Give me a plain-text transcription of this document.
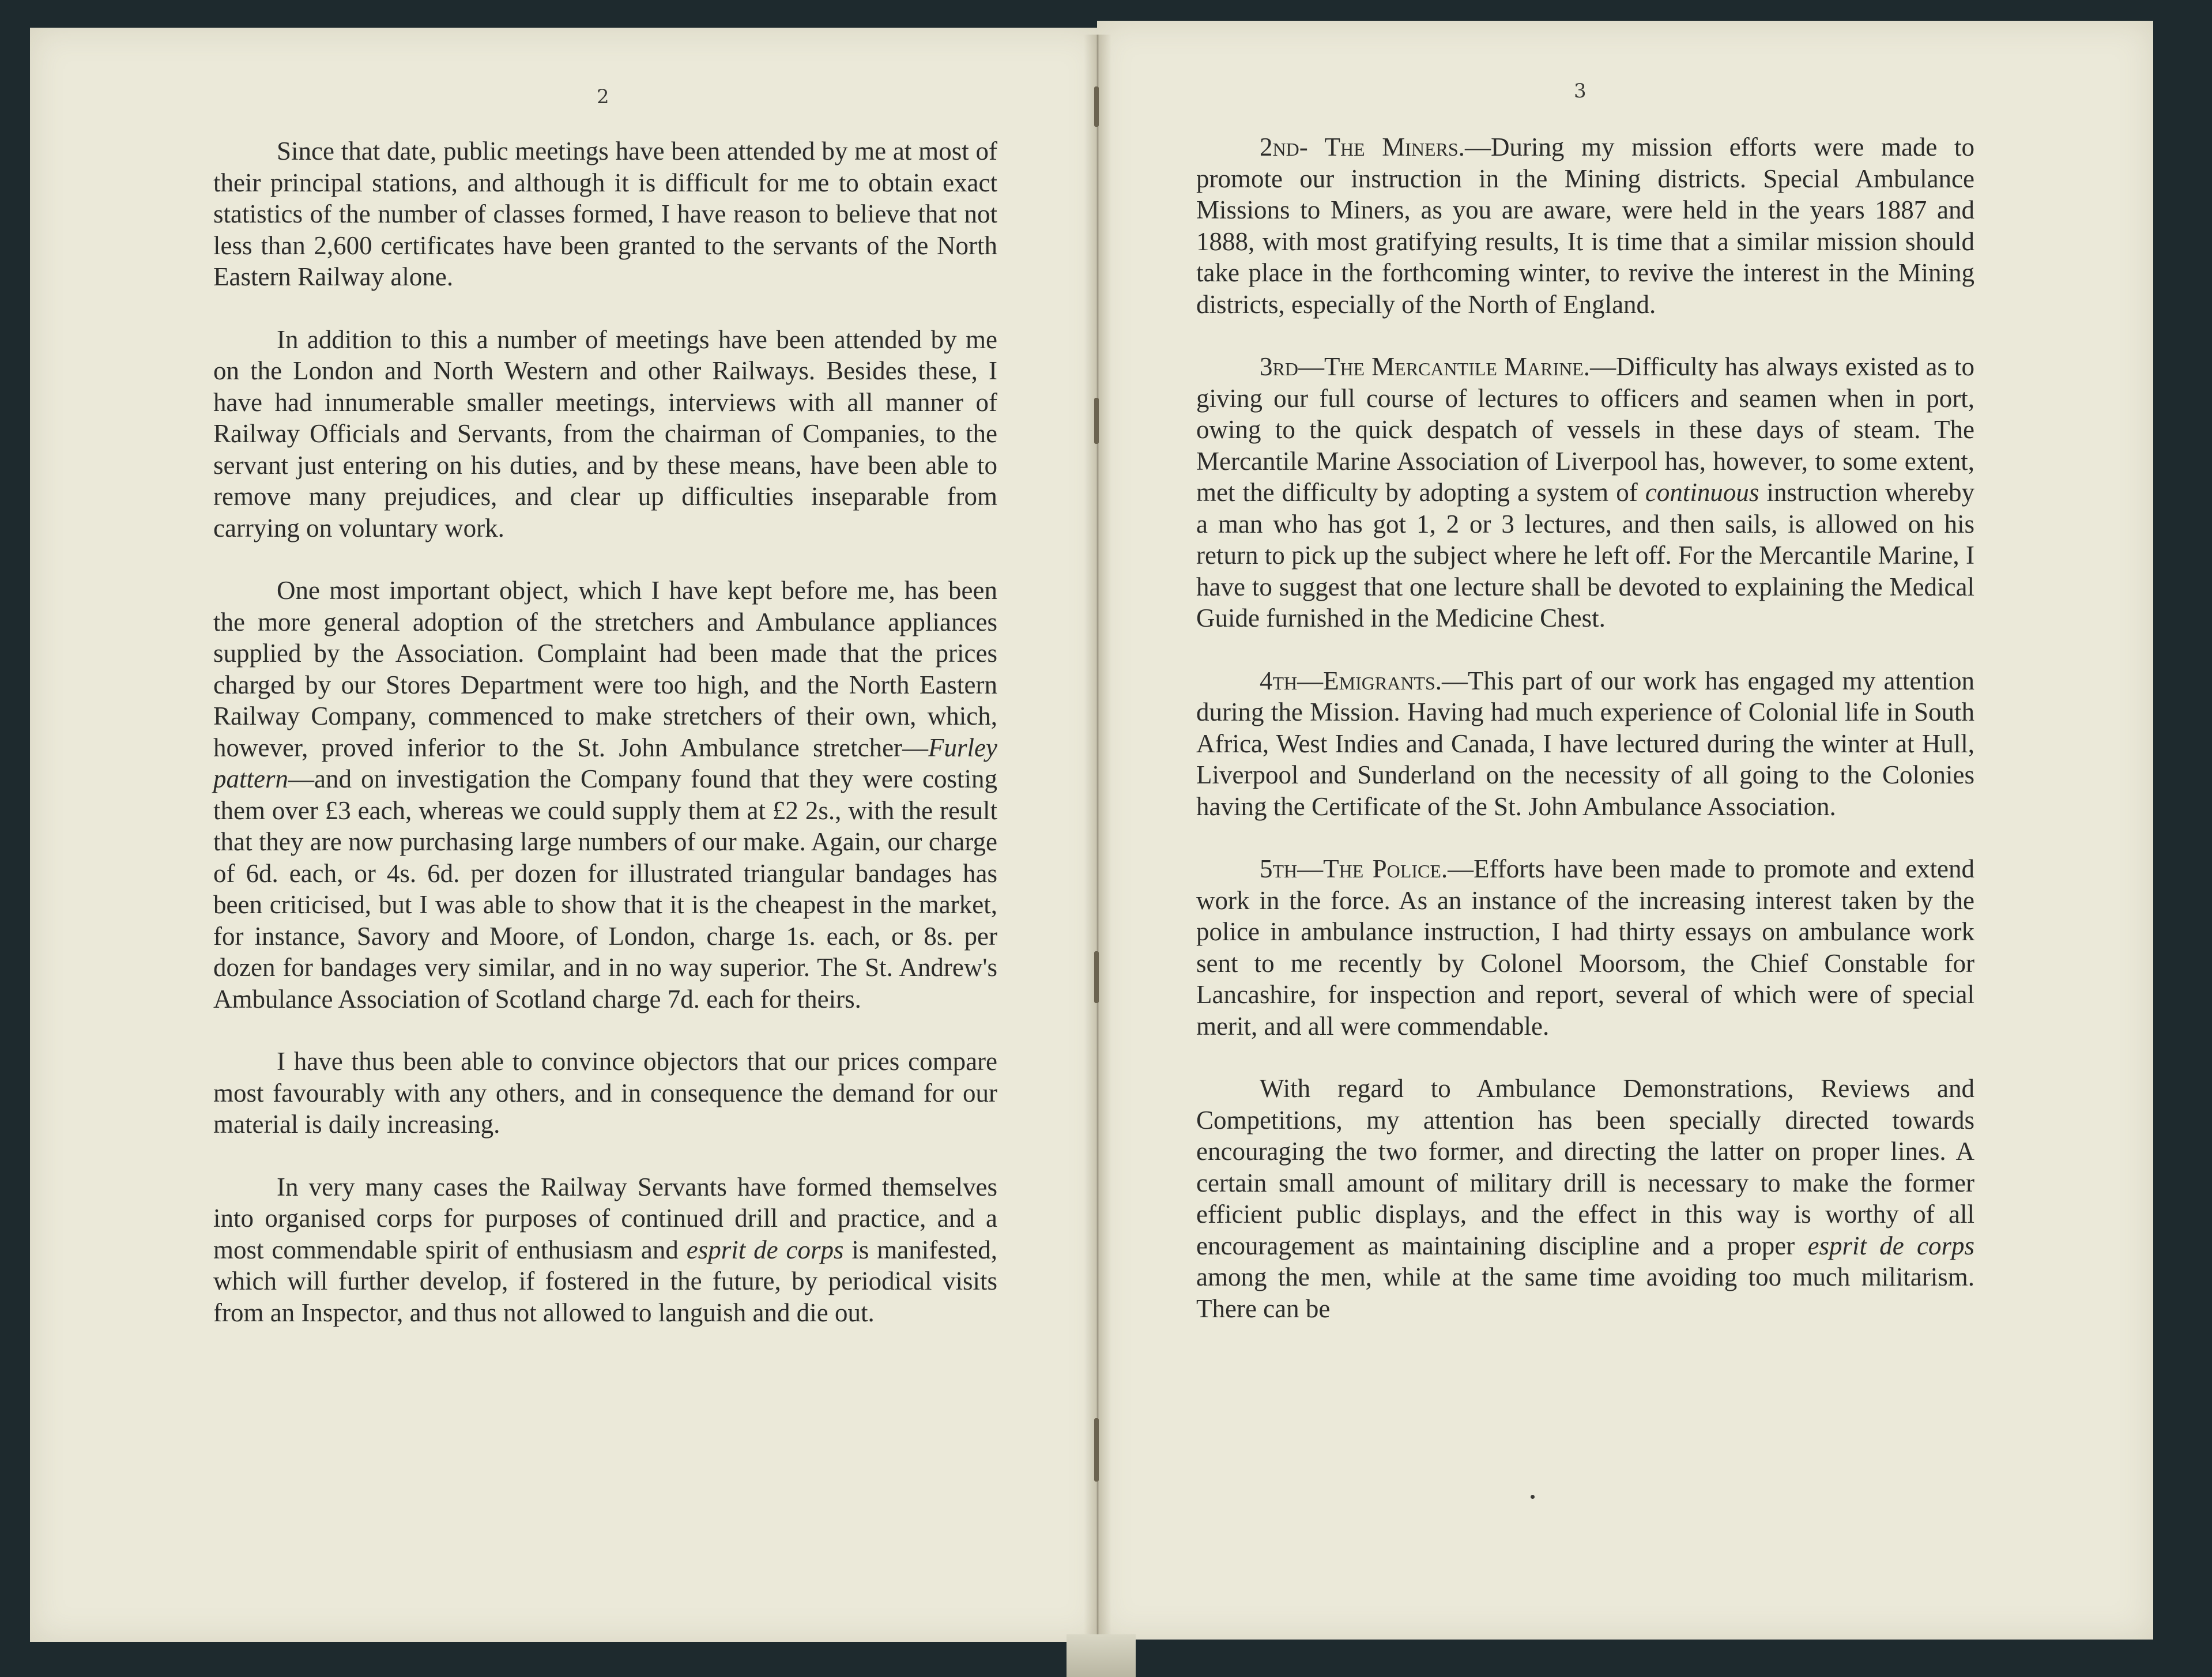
2	3

Since that date, public meetings have been attended by me at most of their principal stations, and although it is difficult for me to obtain exact statistics of the number of classes formed, I have reason to believe that not less than 2,600 certificates have been granted to the servants of the North Eastern Railway alone.

In addition to this a number of meetings have been attended by me on the London and North Western and other Railways. Besides these, I have had innumerable smaller meetings, interviews with all manner of Railway Officials and Servants, from the chairman of Companies, to the servant just entering on his duties, and by these means, have been able to remove many prejudices, and clear up difficulties inseparable from carrying on voluntary work.

One most important object, which I have kept before me, has been the more general adoption of the stretchers and Ambulance appliances supplied by the Association. Complaint had been made that the prices charged by our Stores Department were too high, and the North Eastern Railway Company, commenced to make stretchers of their own, which, however, proved inferior to the St. John Ambulance stretcher—Furley pattern—and on investigation the Company found that they were costing them over £3 each, whereas we could supply them at £2 2s., with the result that they are now purchasing large numbers of our make. Again, our charge of 6d. each, or 4s. 6d. per dozen for illustrated triangular bandages has been criticised, but I was able to show that it is the cheapest in the market, for instance, Savory and Moore, of London, charge 1s. each, or 8s. per dozen for bandages very similar, and in no way superior. The St. Andrew's Ambulance Association of Scotland charge 7d. each for theirs.

I have thus been able to convince objectors that our prices compare most favourably with any others, and in consequence the demand for our material is daily increasing.

In very many cases the Railway Servants have formed themselves into organised corps for purposes of continued drill and practice, and a most commendable spirit of enthusiasm and esprit de corps is manifested, which will further develop, if fostered in the future, by periodical visits from an Inspector, and thus not allowed to languish and die out.

2nd- The Miners.—During my mission efforts were made to promote our instruction in the Mining districts. Special Ambulance Missions to Miners, as you are aware, were held in the years 1887 and 1888, with most gratifying results, It is time that a similar mission should take place in the forthcoming winter, to revive the interest in the Mining districts, especially of the North of England.

3rd—The Mercantile Marine.—Difficulty has always existed as to giving our full course of lectures to officers and seamen when in port, owing to the quick despatch of vessels in these days of steam. The Mercantile Marine Association of Liverpool has, however, to some extent, met the difficulty by adopting a system of continuous instruction whereby a man who has got 1, 2 or 3 lectures, and then sails, is allowed on his return to pick up the subject where he left off. For the Mercantile Marine, I have to suggest that one lecture shall be devoted to explaining the Medical Guide furnished in the Medicine Chest.

4th—Emigrants.—This part of our work has engaged my attention during the Mission. Having had much experience of Colonial life in South Africa, West Indies and Canada, I have lectured during the winter at Hull, Liverpool and Sunderland on the necessity of all going to the Colonies having the Certificate of the St. John Ambulance Association.

5th—The Police.—Efforts have been made to promote and extend work in the force. As an instance of the increasing interest taken by the police in ambulance instruction, I had thirty essays on ambulance work sent to me recently by Colonel Moorsom, the Chief Constable for Lancashire, for inspection and report, several of which were of special merit, and all were commendable.

With regard to Ambulance Demonstrations, Reviews and Competitions, my attention has been specially directed towards encouraging the two former, and directing the latter on proper lines. A certain small amount of military drill is necessary to make the former efficient public displays, and the effect in this way is worthy of all encouragement as maintaining discipline and a proper esprit de corps among the men, while at the same time avoiding too much militarism. There can be
